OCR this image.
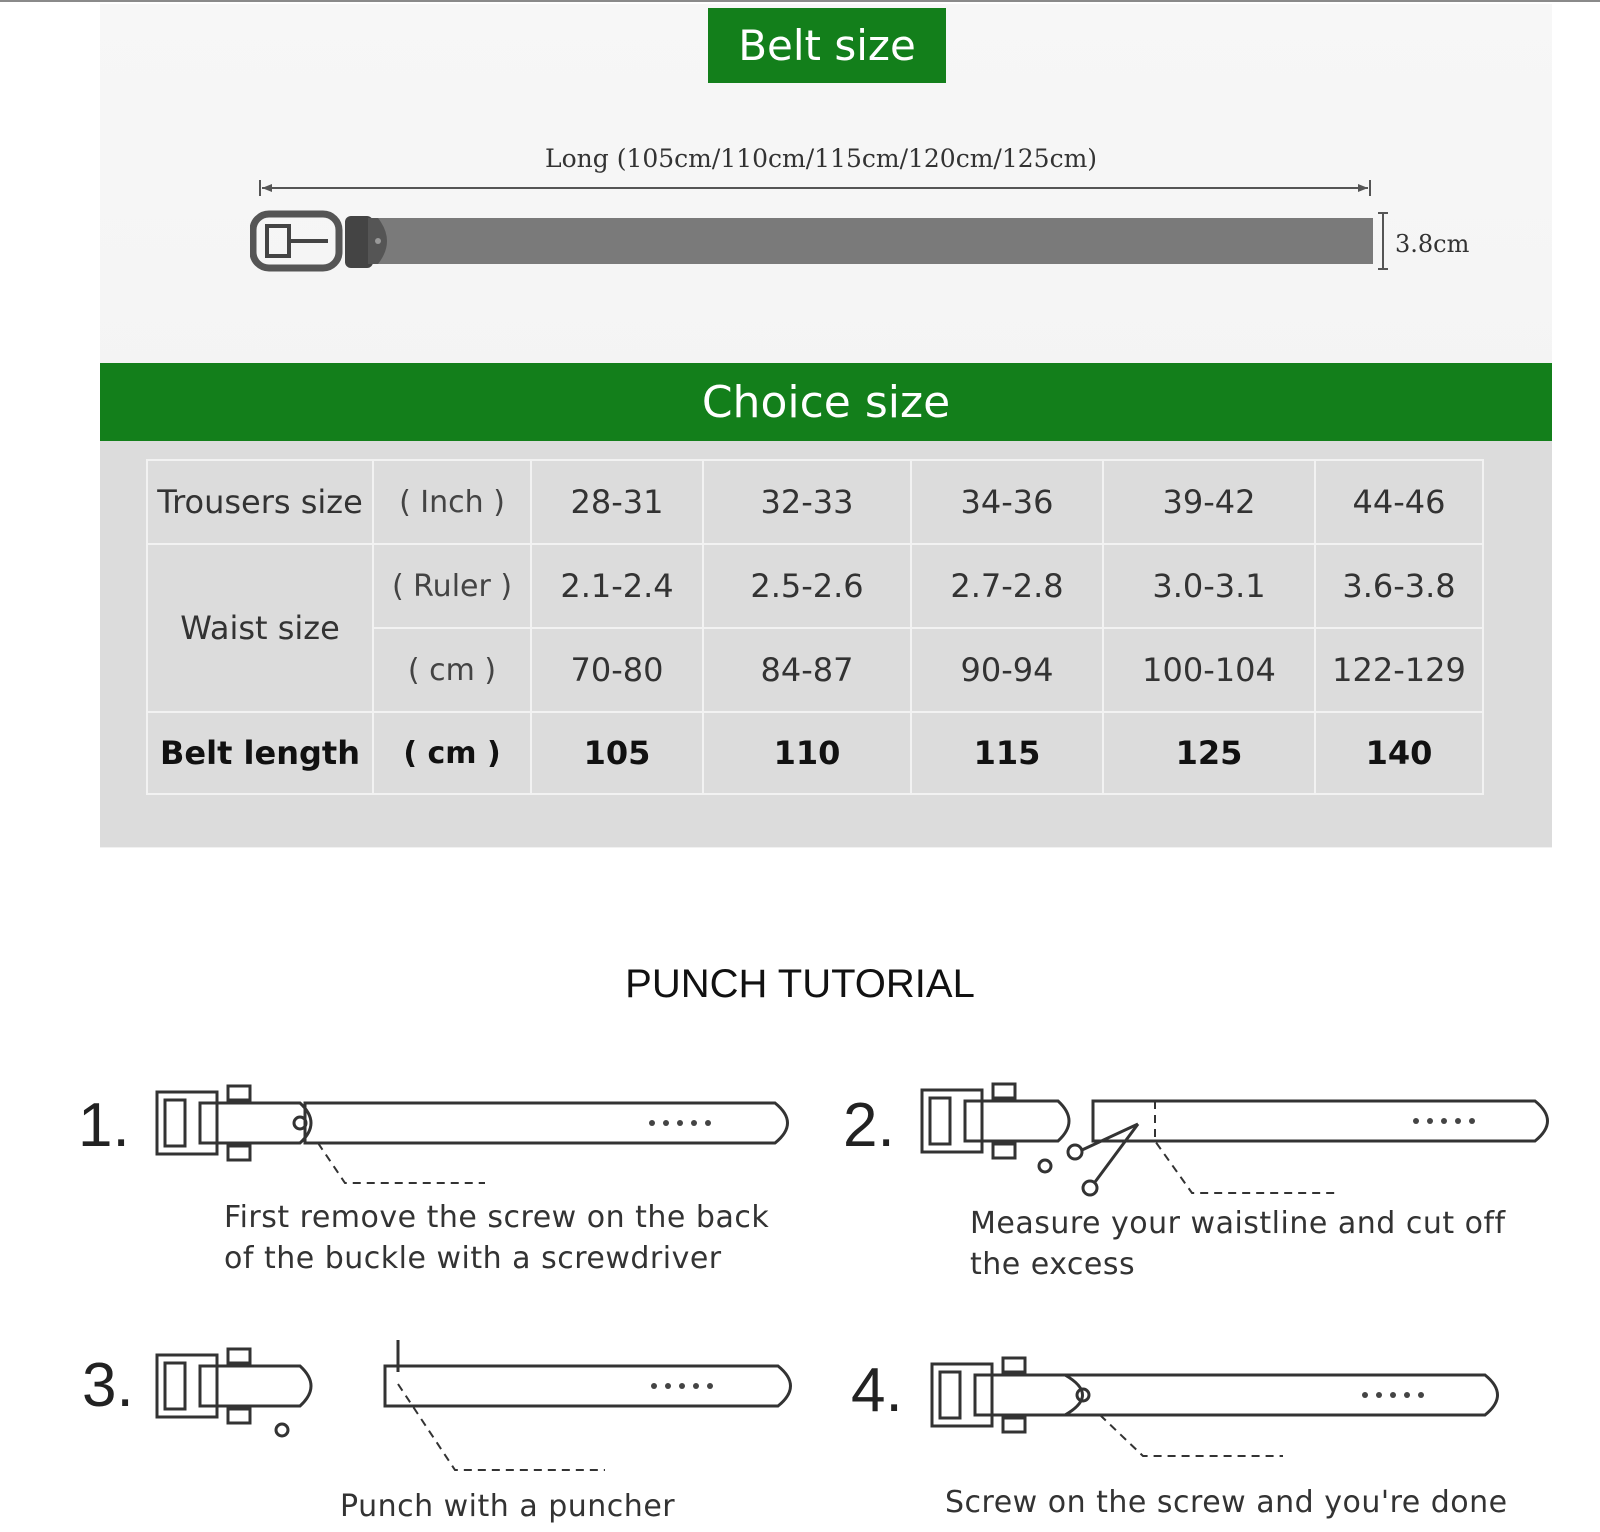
Belt size
Long (105cm/110cm/115cm/120cm/125cm)
3.8cm
Choice size
Trousers size	( Inch )	28-31	32-33	34-36	39-42	44-46
Waist size	( Ruler )	2.1-2.4	2.5-2.6	2.7-2.8	3.0-3.1	3.6-3.8
	( cm )	70-80	84-87	90-94	100-104	122-129
Belt length	( cm )	105	110	115	125	140
PUNCH TUTORIAL
1.	2.
3.	4.
First remove the screw on the back
of the buckle with a screwdriver
Measure your waistline and cut off
the excess
Punch with a puncher	Screw on the screw and you're done
